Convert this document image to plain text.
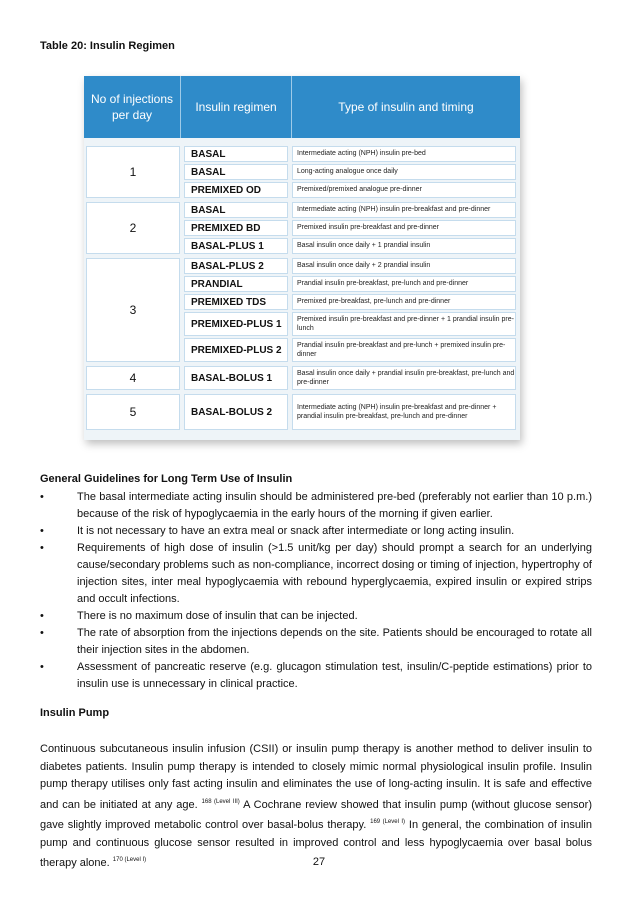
Table 20: Insulin Regimen
No of injections per day
Insulin regimen	Type of insulin and timing
1
BASAL	Intermediate acting (NPH) insulin pre-bed
BASAL	Long-acting analogue once daily
PREMIXED OD	Premixed/premixed analogue pre-dinner
2
BASAL	Intermediate acting (NPH) insulin pre-breakfast and pre-dinner
PREMIXED BD	Premixed insulin pre-breakfast and pre-dinner
BASAL-PLUS 1	Basal insulin once daily + 1 prandial insulin
3
BASAL-PLUS 2	Basal insulin once daily + 2 prandial insulin
PRANDIAL	Prandial insulin pre-breakfast, pre-lunch and pre-dinner
PREMIXED TDS	Premixed pre-breakfast, pre-lunch and pre-dinner
PREMIXED-PLUS 1	Premixed insulin pre-breakfast and pre-dinner + 1 prandial insulin pre-lunch
PREMIXED-PLUS 2	Prandial insulin pre-breakfast and pre-lunch + premixed insulin pre-dinner
4	BASAL-BOLUS 1	Basal insulin once daily + prandial insulin pre-breakfast, pre-lunch and pre-dinner
5	BASAL-BOLUS 2	Intermediate acting (NPH) insulin pre-breakfast and pre-dinner + prandial insulin pre-breakfast, pre-lunch and pre-dinner
General Guidelines for Long Term Use of Insulin
•	The basal intermediate acting insulin should be administered pre-bed (preferably not earlier than 10 p.m.) because of the risk of hypoglycaemia in the early hours of the morning if given earlier.
•	It is not necessary to have an extra meal or snack after intermediate or long acting insulin.
•	Requirements of high dose of insulin (>1.5 unit/kg per day) should prompt a search for an underlying cause/secondary problems such as non-compliance, incorrect dosing or timing of injection, hypertrophy of injection sites, inter meal hypoglycaemia with rebound hyperglycaemia, expired insulin or expired strips and occult infections.
•	There is no maximum dose of insulin that can be injected.
•	The rate of absorption from the injections depends on the site. Patients should be encouraged to rotate all their injection sites in the abdomen.
•	Assessment of pancreatic reserve (e.g. glucagon stimulation test, insulin/C-peptide estimations) prior to insulin use is unnecessary in clinical practice.
Insulin Pump
Continuous subcutaneous insulin infusion (CSII) or insulin pump therapy is another method to deliver insulin to diabetes patients. Insulin pump therapy is intended to closely mimic normal physiological insulin profile. Insulin pump therapy utilises only fast acting insulin and eliminates the use of long-acting insulin. It is safe and effective and can be initiated at any age. $^{168 (Level III)}$ A Cochrane review showed that insulin pump (without glucose sensor) gave slightly improved metabolic control over basal-bolus therapy. $^{169 (Level I)}$ In general, the combination of insulin pump and continuous glucose sensor resulted in improved control and less hypoglycaemia over basal bolus therapy alone. $^{170 (Level I)}$	27
